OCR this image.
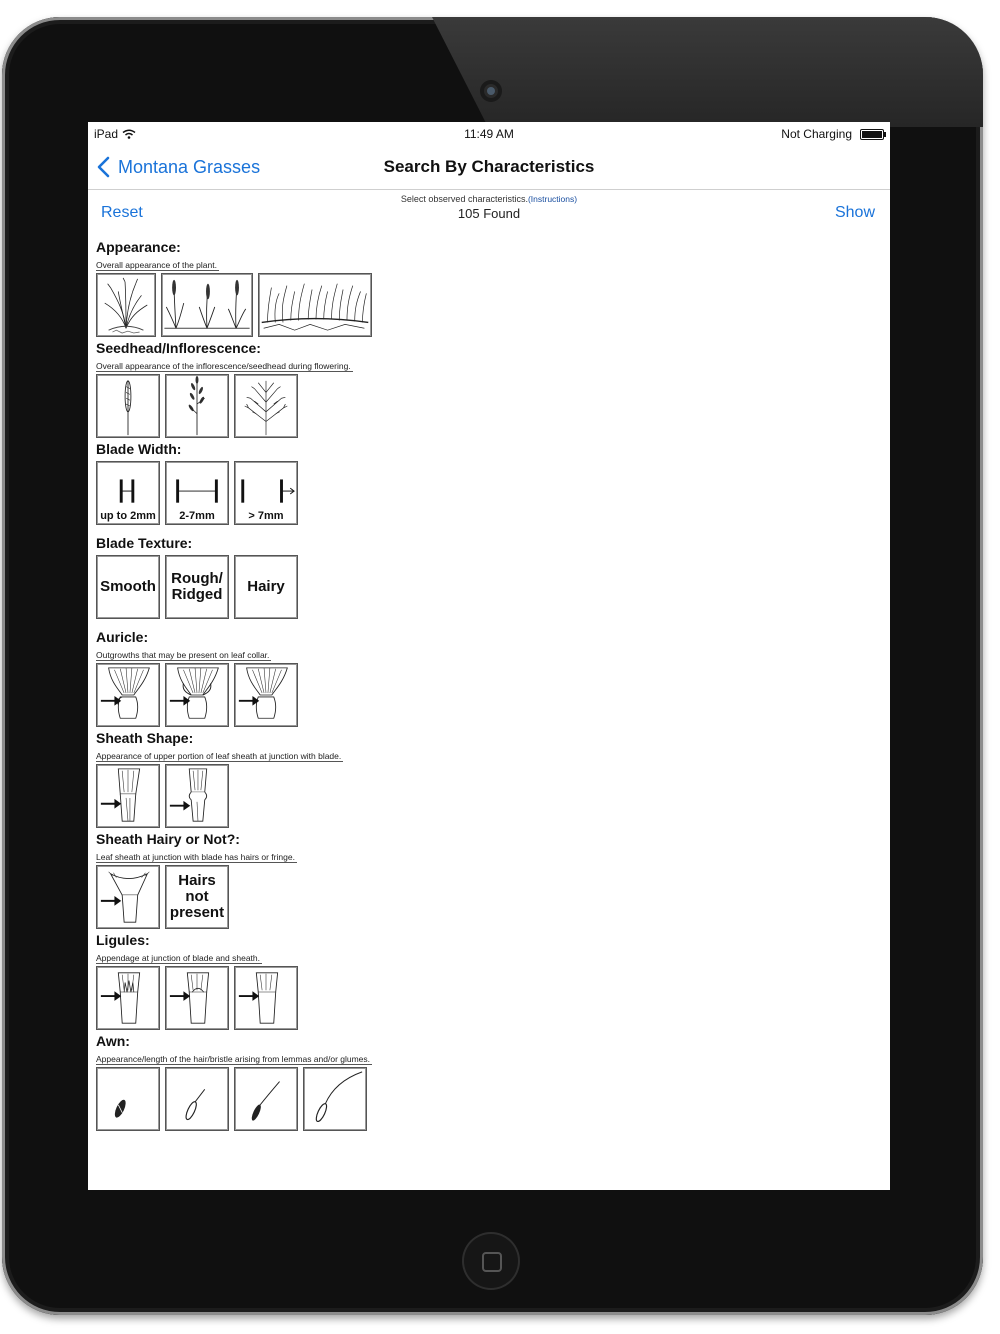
iPad	11:49 AM	Not Charging
Montana Grasses	Search By Characteristics
Reset
Select observed characteristics.(Instructions)
105 Found	Show
Appearance:
Overall appearance of the plant.
Seedhead/Inflorescence:
Overall appearance of the inflorescence/seedhead during flowering.
Blade Width:
up to 2mm	2-7mm	> 7mm
Blade Texture:
Smooth	Rough/ Ridged	Hairy
Auricle:
Outgrowths that may be present on leaf collar.
Sheath Shape:
Appearance of upper portion of leaf sheath at junction with blade.
Sheath Hairy or Not?:
Leaf sheath at junction with blade has hairs or fringe.
Hairs not present
Ligules:
Appendage at junction of blade and sheath.
Awn:
Appearance/length of the hair/bristle arising from lemmas and/or glumes.
